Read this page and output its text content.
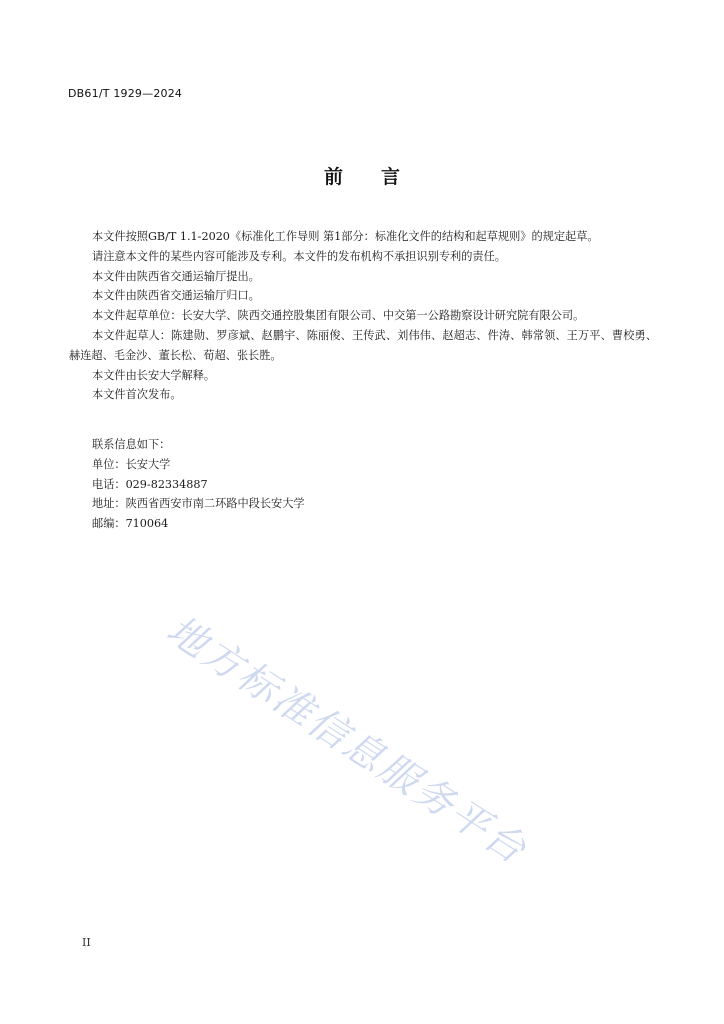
DB61/T 1929—2024
前 言

本文件按照GB/T 1.1-2020《标准化工作导则 第1部分：标准化文件的结构和起草规则》的规定起草。

请注意本文件的某些内容可能涉及专利。本文件的发布机构不承担识别专利的责任。

本文件由陕西省交通运输厅提出。

本文件由陕西省交通运输厅归口。

本文件起草单位：长安大学、陕西交通控股集团有限公司、中交第一公路勘察设计研究院有限公司。

本文件起草人：陈建勋、罗彦斌、赵鹏宇、陈丽俊、王传武、刘伟伟、赵超志、件涛、韩常领、王万平、曹校勇、赫连超、毛金沙、董长松、荀超、张长胜。

本文件由长安大学解释。

本文件首次发布。

联系信息如下：
单位：长安大学
电话：029-82334887
地址：陕西省西安市南二环路中段长安大学
邮编：710064
地方标准信息服务平台
II
